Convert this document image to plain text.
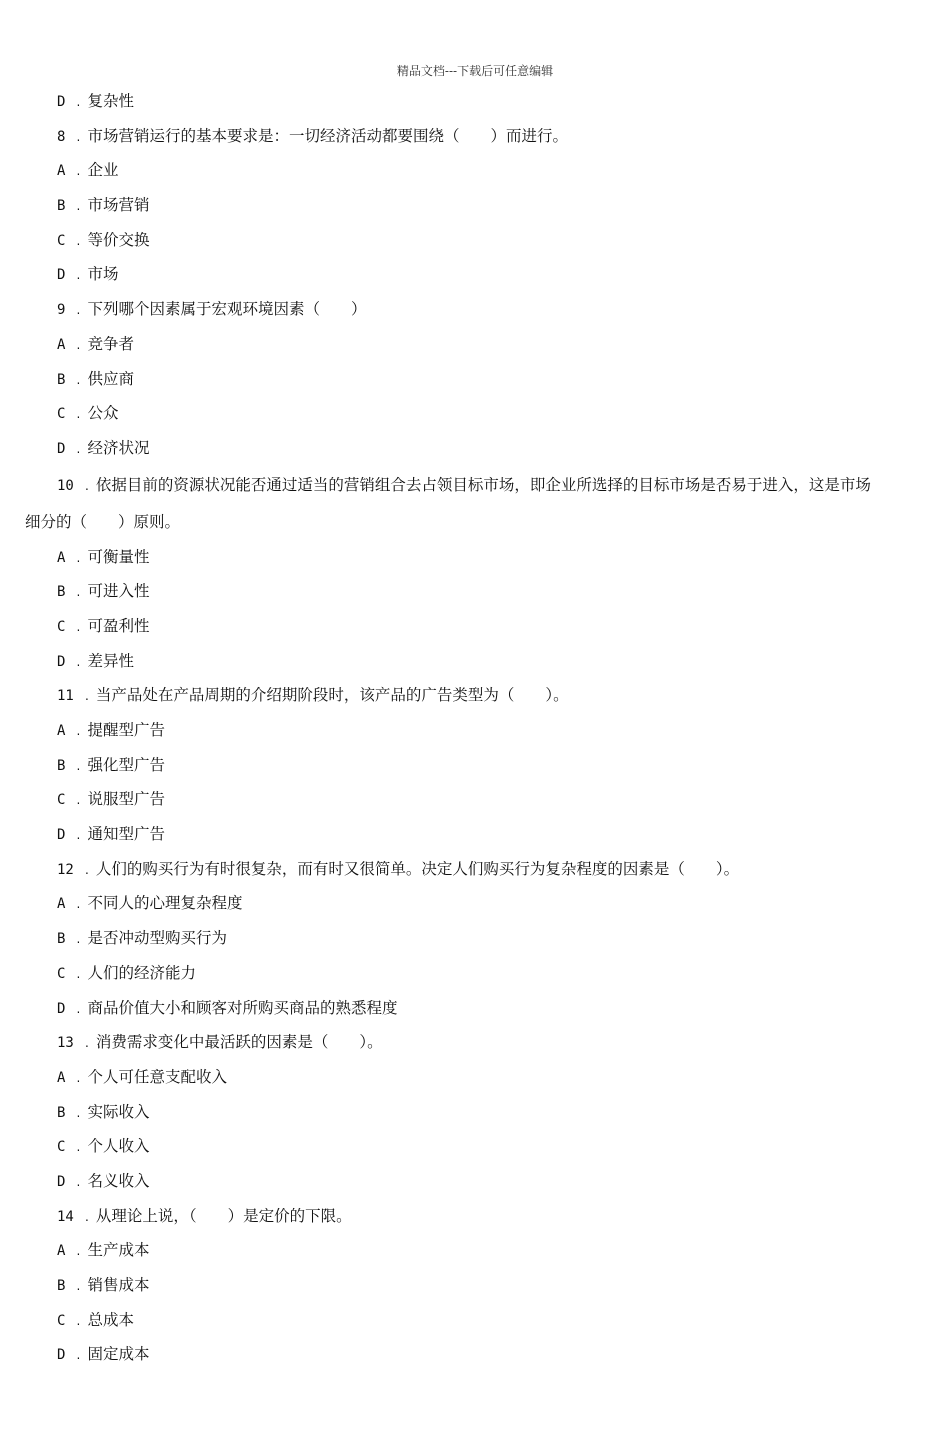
精品文档---下载后可任意编辑
D . 复杂性
8 . 市场营销运行的基本要求是：一切经济活动都要围绕（　　）而进行。
A . 企业
B . 市场营销
C . 等价交换
D . 市场
9 . 下列哪个因素属于宏观环境因素（　　）
A . 竞争者
B . 供应商
C . 公众
D . 经济状况
10 . 依据目前的资源状况能否通过适当的营销组合去占领目标市场，即企业所选择的目标市场是否易于进入，这是市场
细分的（　　）原则。
A . 可衡量性
B . 可进入性
C . 可盈利性
D . 差异性
11 . 当产品处在产品周期的介绍期阶段时，该产品的广告类型为（　　）。
A . 提醒型广告
B . 强化型广告
C . 说服型广告
D . 通知型广告
12 . 人们的购买行为有时很复杂，而有时又很简单。决定人们购买行为复杂程度的因素是（　　）。
A . 不同人的心理复杂程度
B . 是否冲动型购买行为
C . 人们的经济能力
D . 商品价值大小和顾客对所购买商品的熟悉程度
13 . 消费需求变化中最活跃的因素是（　　）。
A . 个人可任意支配收入
B . 实际收入
C . 个人收入
D . 名义收入
14 . 从理论上说，（　　）是定价的下限。
A . 生产成本
B . 销售成本
C . 总成本
D . 固定成本
